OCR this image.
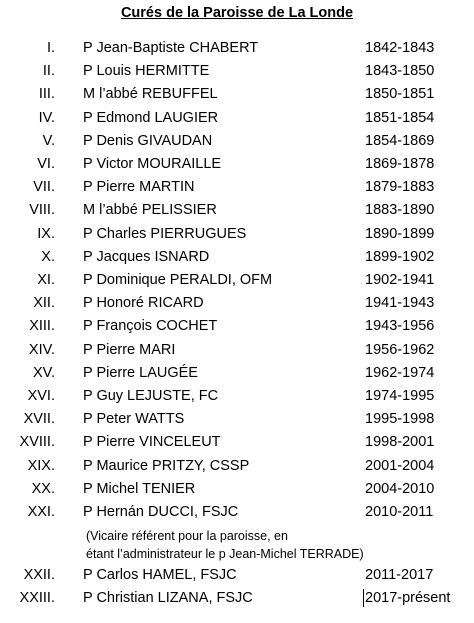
Curés de la Paroisse de La Londe
I. P Jean-Baptiste CHABERT	1842-1843
II. P Louis HERMITTE	1843-1850
III. M l’abbé REBUFFEL	1850-1851
IV. P Edmond LAUGIER	1851-1854
V. P Denis GIVAUDAN	1854-1869
VI. P Victor MOURAILLE	1869-1878
VII. P Pierre MARTIN	1879-1883
VIII. M l’abbé PELISSIER	1883-1890
IX. P Charles PIERRUGUES	1890-1899
X. P Jacques ISNARD	1899-1902
XI. P Dominique PERALDI, OFM	1902-1941
XII. P Honoré RICARD	1941-1943
XIII. P François COCHET	1943-1956
XIV. P Pierre MARI	1956-1962
XV. P Pierre LAUGÉE	1962-1974
XVI. P Guy LEJUSTE, FC	1974-1995
XVII. P Peter WATTS	1995-1998
XVIII. P Pierre VINCELEUT	1998-2001
XIX. P Maurice PRITZY, CSSP	2001-2004
XX. P Michel TENIER	2004-2010
XXI. P Hernán DUCCI, FSJC	2010-2011
(Vicaire référent pour la paroisse, en
étant l’administrateur le p Jean-Michel TERRADE)
XXII. P Carlos HAMEL, FSJC	2011-2017
XXIII. P Christian LIZANA, FSJC	2017-présent
